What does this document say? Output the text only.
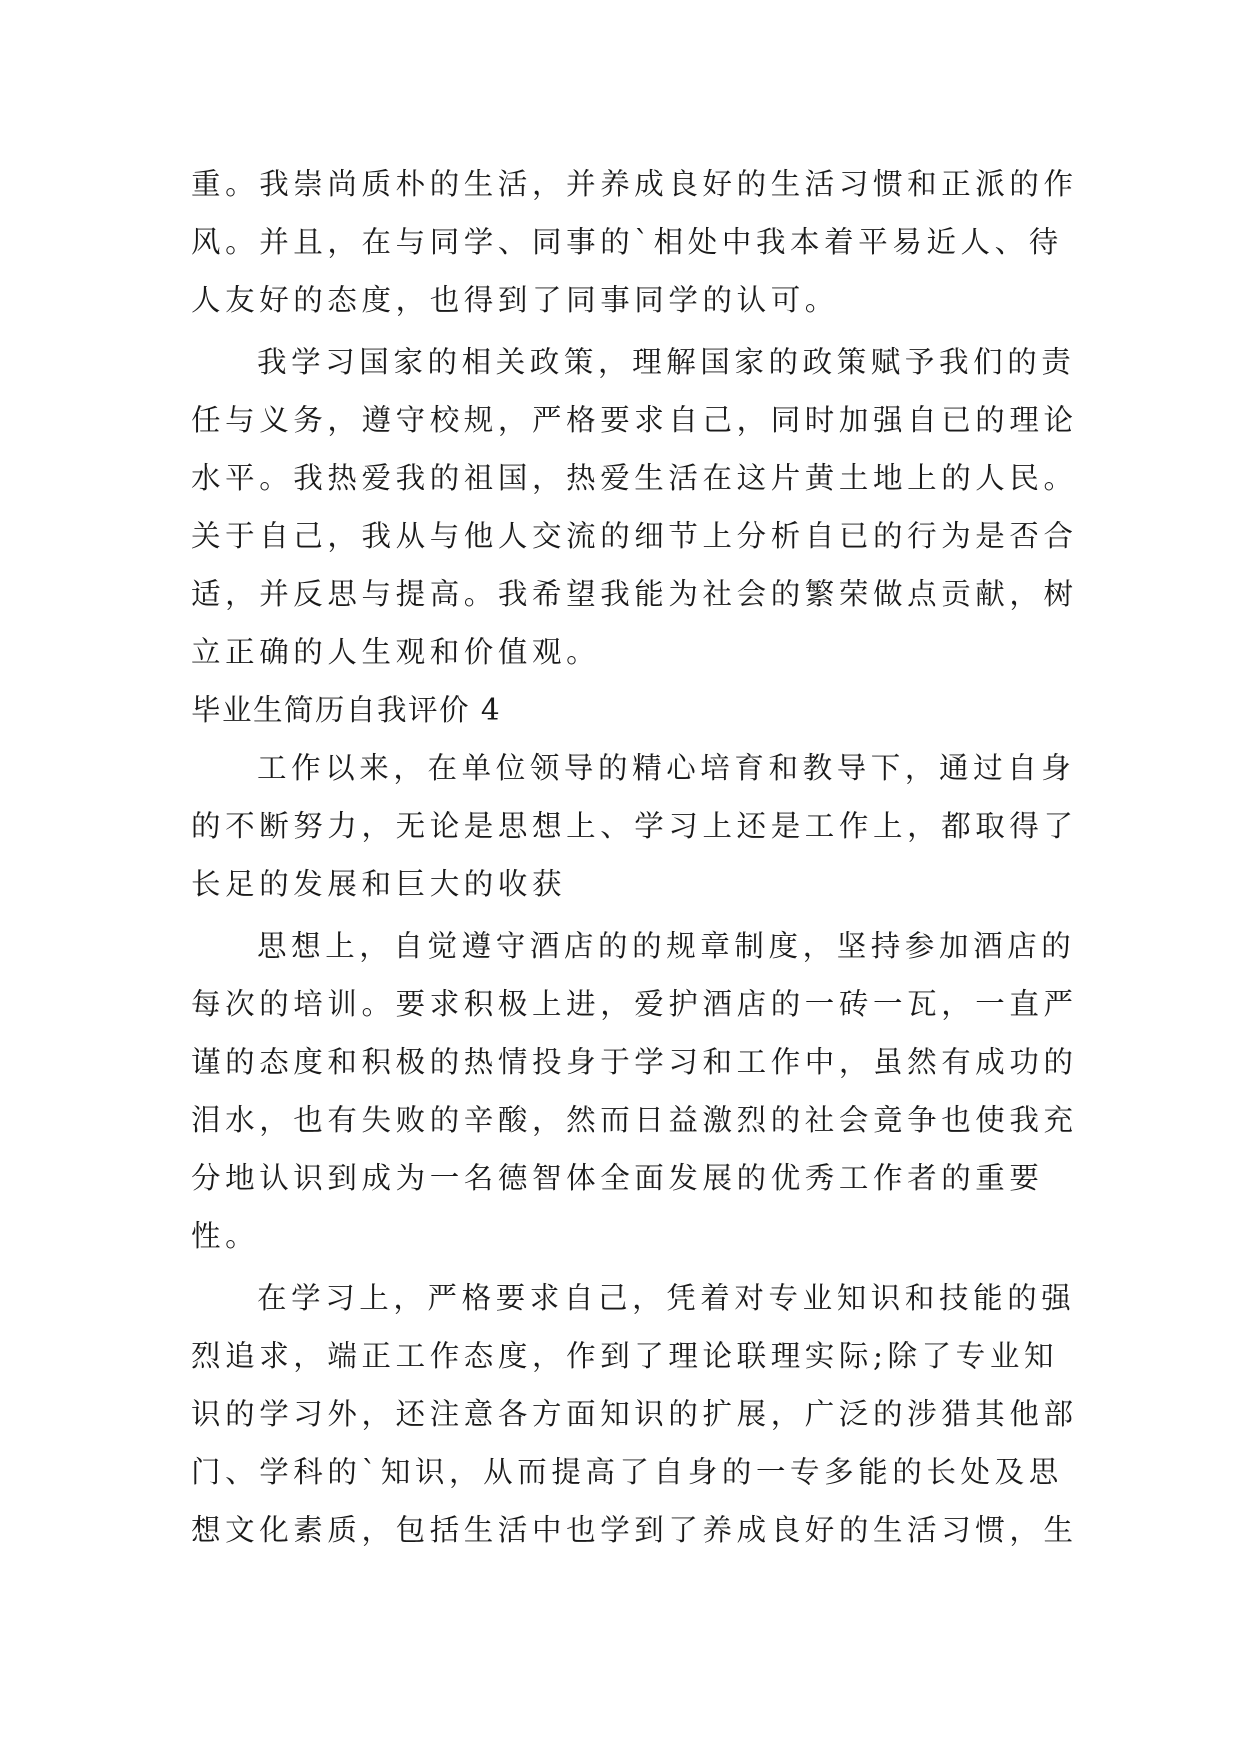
重。我崇尚质朴的生活，并养成良好的生活习惯和正派的作
风。并且，在与同学、同事的`相处中我本着平易近人、待
人友好的态度，也得到了同事同学的认可。
我学习国家的相关政策，理解国家的政策赋予我们的责
任与义务，遵守校规，严格要求自己，同时加强自已的理论
水平。我热爱我的祖国，热爱生活在这片黄土地上的人民。
关于自己，我从与他人交流的细节上分析自已的行为是否合
适，并反思与提高。我希望我能为社会的繁荣做点贡献，树
立正确的人生观和价值观。
毕业生简历自我评价 4
工作以来，在单位领导的精心培育和教导下，通过自身
的不断努力，无论是思想上、学习上还是工作上，都取得了
长足的发展和巨大的收获
思想上，自觉遵守酒店的的规章制度，坚持参加酒店的
每次的培训。要求积极上进，爱护酒店的一砖一瓦，一直严
谨的态度和积极的热情投身于学习和工作中，虽然有成功的
泪水，也有失败的辛酸，然而日益激烈的社会竟争也使我充
分地认识到成为一名德智体全面发展的优秀工作者的重要
性。
在学习上，严格要求自己，凭着对专业知识和技能的强
烈追求，端正工作态度，作到了理论联理实际;除了专业知
识的学习外，还注意各方面知识的扩展，广泛的涉猎其他部
门、学科的`知识，从而提高了自身的一专多能的长处及思
想文化素质，包括生活中也学到了养成良好的生活习惯，生
